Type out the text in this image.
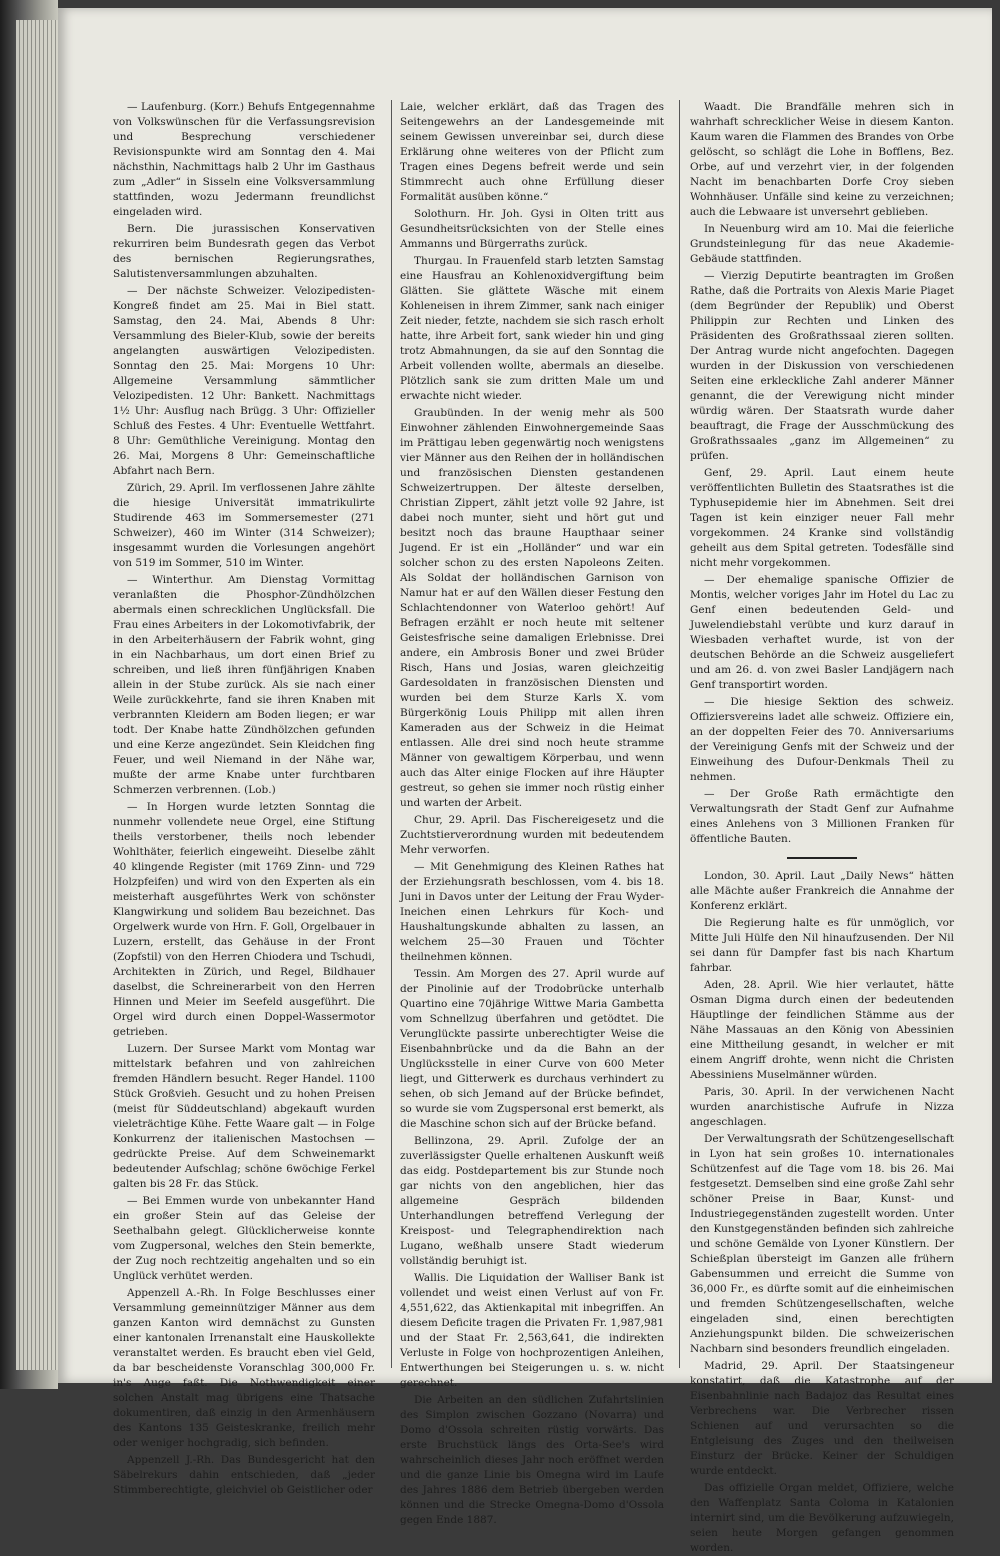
— Laufenburg. (Korr.) Behufs Entgegennahme von Volkswünschen für die Verfassungsrevision und Besprechung verschiedener Revisionspunkte wird am Sonntag den 4. Mai nächsthin, Nachmittags halb 2 Uhr im Gasthaus zum „Adler“ in Sisseln eine Volksversammlung stattfinden, wozu Jedermann freundlichst eingeladen wird.

Bern. Die jurassischen Konservativen rekurriren beim Bundesrath gegen das Verbot des bernischen Regierungsrathes, Salutistenversammlungen abzuhalten.

— Der nächste Schweizer. Velozipedisten-Kongreß findet am 25. Mai in Biel statt. Samstag, den 24. Mai, Abends 8 Uhr: Versammlung des Bieler-Klub, sowie der bereits angelangten auswärtigen Velozipedisten. Sonntag den 25. Mai: Morgens 10 Uhr: Allgemeine Versammlung sämmtlicher Velozipedisten. 12 Uhr: Bankett. Nachmittags 1½ Uhr: Ausflug nach Brügg. 3 Uhr: Offizieller Schluß des Festes. 4 Uhr: Eventuelle Wettfahrt. 8 Uhr: Gemüthliche Vereinigung. Montag den 26. Mai, Morgens 8 Uhr: Gemeinschaftliche Abfahrt nach Bern.

Zürich, 29. April. Im verflossenen Jahre zählte die hiesige Universität immatrikulirte Studirende 463 im Sommersemester (271 Schweizer), 460 im Winter (314 Schweizer); insgesammt wurden die Vorlesungen angehört von 519 im Sommer, 510 im Winter.

— Winterthur. Am Dienstag Vormittag veranlaßten die Phosphor-Zündhölzchen abermals einen schrecklichen Unglücksfall. Die Frau eines Arbeiters in der Lokomotivfabrik, der in den Arbeiterhäusern der Fabrik wohnt, ging in ein Nachbarhaus, um dort einen Brief zu schreiben, und ließ ihren fünfjährigen Knaben allein in der Stube zurück. Als sie nach einer Weile zurückkehrte, fand sie ihren Knaben mit verbrannten Kleidern am Boden liegen; er war todt. Der Knabe hatte Zündhölzchen gefunden und eine Kerze angezündet. Sein Kleidchen fing Feuer, und weil Niemand in der Nähe war, mußte der arme Knabe unter furchtbaren Schmerzen verbrennen. (Lob.)

— In Horgen wurde letzten Sonntag die nunmehr vollendete neue Orgel, eine Stiftung theils verstorbener, theils noch lebender Wohlthäter, feierlich eingeweiht. Dieselbe zählt 40 klingende Register (mit 1769 Zinn- und 729 Holzpfeifen) und wird von den Experten als ein meisterhaft ausgeführtes Werk von schönster Klangwirkung und solidem Bau bezeichnet. Das Orgelwerk wurde von Hrn. F. Goll, Orgelbauer in Luzern, erstellt, das Gehäuse in der Front (Zopfstil) von den Herren Chiodera und Tschudi, Architekten in Zürich, und Regel, Bildhauer daselbst, die Schreinerarbeit von den Herren Hinnen und Meier im Seefeld ausgeführt. Die Orgel wird durch einen Doppel-Wassermotor getrieben.

Luzern. Der Sursee Markt vom Montag war mittelstark befahren und von zahlreichen fremden Händlern besucht. Reger Handel. 1100 Stück Großvieh. Gesucht und zu hohen Preisen (meist für Süddeutschland) abgekauft wurden vieleträchtige Kühe. Fette Waare galt — in Folge Konkurrenz der italienischen Mastochsen — gedrückte Preise. Auf dem Schweinemarkt bedeutender Aufschlag; schöne 6wöchige Ferkel galten bis 28 Fr. das Stück.

— Bei Emmen wurde von unbekannter Hand ein großer Stein auf das Geleise der Seethalbahn gelegt. Glücklicherweise konnte vom Zugpersonal, welches den Stein bemerkte, der Zug noch rechtzeitig angehalten und so ein Unglück verhütet werden.

Appenzell A.-Rh. In Folge Beschlusses einer Versammlung gemeinnütziger Männer aus dem ganzen Kanton wird demnächst zu Gunsten einer kantonalen Irrenanstalt eine Hauskollekte veranstaltet werden. Es braucht eben viel Geld, da bar bescheidenste Voranschlag 300,000 Fr. in's Auge faßt. Die Nothwendigkeit einer solchen Anstalt mag übrigens eine Thatsache dokumentiren, daß einzig in den Armenhäusern des Kantons 135 Geisteskranke, freilich mehr oder weniger hochgradig, sich befinden.

Appenzell J.-Rh. Das Bundesgericht hat den Säbelrekurs dahin entschieden, daß „jeder Stimmberechtigte, gleichviel ob Geistlicher oder

Laie, welcher erklärt, daß das Tragen des Seitengewehrs an der Landesgemeinde mit seinem Gewissen unvereinbar sei, durch diese Erklärung ohne weiteres von der Pflicht zum Tragen eines Degens befreit werde und sein Stimmrecht auch ohne Erfüllung dieser Formalität ausüben könne.“

Solothurn. Hr. Joh. Gysi in Olten tritt aus Gesundheitsrücksichten von der Stelle eines Ammanns und Bürgerraths zurück.

Thurgau. In Frauenfeld starb letzten Samstag eine Hausfrau an Kohlenoxidvergiftung beim Glätten. Sie glättete Wäsche mit einem Kohleneisen in ihrem Zimmer, sank nach einiger Zeit nieder, fetzte, nachdem sie sich rasch erholt hatte, ihre Arbeit fort, sank wieder hin und ging trotz Abmahnungen, da sie auf den Sonntag die Arbeit vollenden wollte, abermals an dieselbe. Plötzlich sank sie zum dritten Male um und erwachte nicht wieder.

Graubünden. In der wenig mehr als 500 Einwohner zählenden Einwohnergemeinde Saas im Prättigau leben gegenwärtig noch wenigstens vier Männer aus den Reihen der in holländischen und französischen Diensten gestandenen Schweizertruppen. Der älteste derselben, Christian Zippert, zählt jetzt volle 92 Jahre, ist dabei noch munter, sieht und hört gut und besitzt noch das braune Haupthaar seiner Jugend. Er ist ein „Holländer“ und war ein solcher schon zu des ersten Napoleons Zeiten. Als Soldat der holländischen Garnison von Namur hat er auf den Wällen dieser Festung den Schlachtendonner von Waterloo gehört! Auf Befragen erzählt er noch heute mit seltener Geistesfrische seine damaligen Erlebnisse. Drei andere, ein Ambrosis Boner und zwei Brüder Risch, Hans und Josias, waren gleichzeitig Gardesoldaten in französischen Diensten und wurden bei dem Sturze Karls X. vom Bürgerkönig Louis Philipp mit allen ihren Kameraden aus der Schweiz in die Heimat entlassen. Alle drei sind noch heute stramme Männer von gewaltigem Körperbau, und wenn auch das Alter einige Flocken auf ihre Häupter gestreut, so gehen sie immer noch rüstig einher und warten der Arbeit.

Chur, 29. April. Das Fischereigesetz und die Zuchtstierverordnung wurden mit bedeutendem Mehr verworfen.

— Mit Genehmigung des Kleinen Rathes hat der Erziehungsrath beschlossen, vom 4. bis 18. Juni in Davos unter der Leitung der Frau Wyder-Ineichen einen Lehrkurs für Koch- und Haushaltungskunde abhalten zu lassen, an welchem 25—30 Frauen und Töchter theilnehmen können.

Tessin. Am Morgen des 27. April wurde auf der Pinolinie auf der Trodobrücke unterhalb Quartino eine 70jährige Wittwe Maria Gambetta vom Schnellzug überfahren und getödtet. Die Verunglückte passirte unberechtigter Weise die Eisenbahnbrücke und da die Bahn an der Unglücksstelle in einer Curve von 600 Meter liegt, und Gitterwerk es durchaus verhindert zu sehen, ob sich Jemand auf der Brücke befindet, so wurde sie vom Zugspersonal erst bemerkt, als die Maschine schon sich auf der Brücke befand.

Bellinzona, 29. April. Zufolge der an zuverlässigster Quelle erhaltenen Auskunft weiß das eidg. Postdepartement bis zur Stunde noch gar nichts von den angeblichen, hier das allgemeine Gespräch bildenden Unterhandlungen betreffend Verlegung der Kreispost- und Telegraphendirektion nach Lugano, weßhalb unsere Stadt wiederum vollständig beruhigt ist.

Wallis. Die Liquidation der Walliser Bank ist vollendet und weist einen Verlust auf von Fr. 4,551,622, das Aktienkapital mit inbegriffen. An diesem Deficite tragen die Privaten Fr. 1,987,981 und der Staat Fr. 2,563,641, die indirekten Verluste in Folge von hochprozentigen Anleihen, Entwerthungen bei Steigerungen u. s. w. nicht gerechnet.

Die Arbeiten an den südlichen Zufahrtslinien des Simplon zwischen Gozzano (Novarra) und Domo d'Ossola schreiten rüstig vorwärts. Das erste Bruchstück längs des Orta-See's wird wahrscheinlich dieses Jahr noch eröffnet werden und die ganze Linie bis Omegna wird im Laufe des Jahres 1886 dem Betrieb übergeben werden können und die Strecke Omegna-Domo d'Ossola gegen Ende 1887.

Waadt. Die Brandfälle mehren sich in wahrhaft schrecklicher Weise in diesem Kanton. Kaum waren die Flammen des Brandes von Orbe gelöscht, so schlägt die Lohe in Bofflens, Bez. Orbe, auf und verzehrt vier, in der folgenden Nacht im benachbarten Dorfe Croy sieben Wohnhäuser. Unfälle sind keine zu verzeichnen; auch die Lebwaare ist unversehrt geblieben.

In Neuenburg wird am 10. Mai die feierliche Grundsteinlegung für das neue Akademie-Gebäude stattfinden.

— Vierzig Deputirte beantragten im Großen Rathe, daß die Portraits von Alexis Marie Piaget (dem Begründer der Republik) und Oberst Philippin zur Rechten und Linken des Präsidenten des Großrathssaal zieren sollten. Der Antrag wurde nicht angefochten. Dagegen wurden in der Diskussion von verschiedenen Seiten eine erkleckliche Zahl anderer Männer genannt, die der Verewigung nicht minder würdig wären. Der Staatsrath wurde daher beauftragt, die Frage der Ausschmückung des Großrathssaales „ganz im Allgemeinen“ zu prüfen.

Genf, 29. April. Laut einem heute veröffentlichten Bulletin des Staatsrathes ist die Typhusepidemie hier im Abnehmen. Seit drei Tagen ist kein einziger neuer Fall mehr vorgekommen. 24 Kranke sind vollständig geheilt aus dem Spital getreten. Todesfälle sind nicht mehr vorgekommen.

— Der ehemalige spanische Offizier de Montis, welcher voriges Jahr im Hotel du Lac zu Genf einen bedeutenden Geld- und Juwelendiebstahl verübte und kurz darauf in Wiesbaden verhaftet wurde, ist von der deutschen Behörde an die Schweiz ausgeliefert und am 26. d. von zwei Basler Landjägern nach Genf transportirt worden.

— Die hiesige Sektion des schweiz. Offiziersvereins ladet alle schweiz. Offiziere ein, an der doppelten Feier des 70. Anniversariums der Vereinigung Genfs mit der Schweiz und der Einweihung des Dufour-Denkmals Theil zu nehmen.

— Der Große Rath ermächtigte den Verwaltungsrath der Stadt Genf zur Aufnahme eines Anlehens von 3 Millionen Franken für öffentliche Bauten.

London, 30. April. Laut „Daily News“ hätten alle Mächte außer Frankreich die Annahme der Konferenz erklärt.

Die Regierung halte es für unmöglich, vor Mitte Juli Hülfe den Nil hinaufzusenden. Der Nil sei dann für Dampfer fast bis nach Khartum fahrbar.

Aden, 28. April. Wie hier verlautet, hätte Osman Digma durch einen der bedeutenden Häuptlinge der feindlichen Stämme aus der Nähe Massauas an den König von Abessinien eine Mittheilung gesandt, in welcher er mit einem Angriff drohte, wenn nicht die Christen Abessiniens Muselmänner würden.

Paris, 30. April. In der verwichenen Nacht wurden anarchistische Aufrufe in Nizza angeschlagen.

Der Verwaltungsrath der Schützengesellschaft in Lyon hat sein großes 10. internationales Schützenfest auf die Tage vom 18. bis 26. Mai festgesetzt. Demselben sind eine große Zahl sehr schöner Preise in Baar, Kunst- und Industriegegenständen zugestellt worden. Unter den Kunstgegenständen befinden sich zahlreiche und schöne Gemälde von Lyoner Künstlern. Der Schießplan übersteigt im Ganzen alle frühern Gabensummen und erreicht die Summe von 36,000 Fr., es dürfte somit auf die einheimischen und fremden Schützengesellschaften, welche eingeladen sind, einen berechtigten Anziehungspunkt bilden. Die schweizerischen Nachbarn sind besonders freundlich eingeladen.

Madrid, 29. April. Der Staatsingeneur konstatirt, daß die Katastrophe auf der Eisenbahnlinie nach Badajoz das Resultat eines Verbrechens war. Die Verbrecher rissen Schienen auf und verursachten so die Entgleisung des Zuges und den theilweisen Einsturz der Brücke. Keiner der Schuldigen wurde entdeckt.

Das offizielle Organ meldet, Offiziere, welche den Waffenplatz Santa Coloma in Katalonien internirt sind, um die Bevölkerung aufzuwiegeln, seien heute Morgen gefangen genommen worden.
